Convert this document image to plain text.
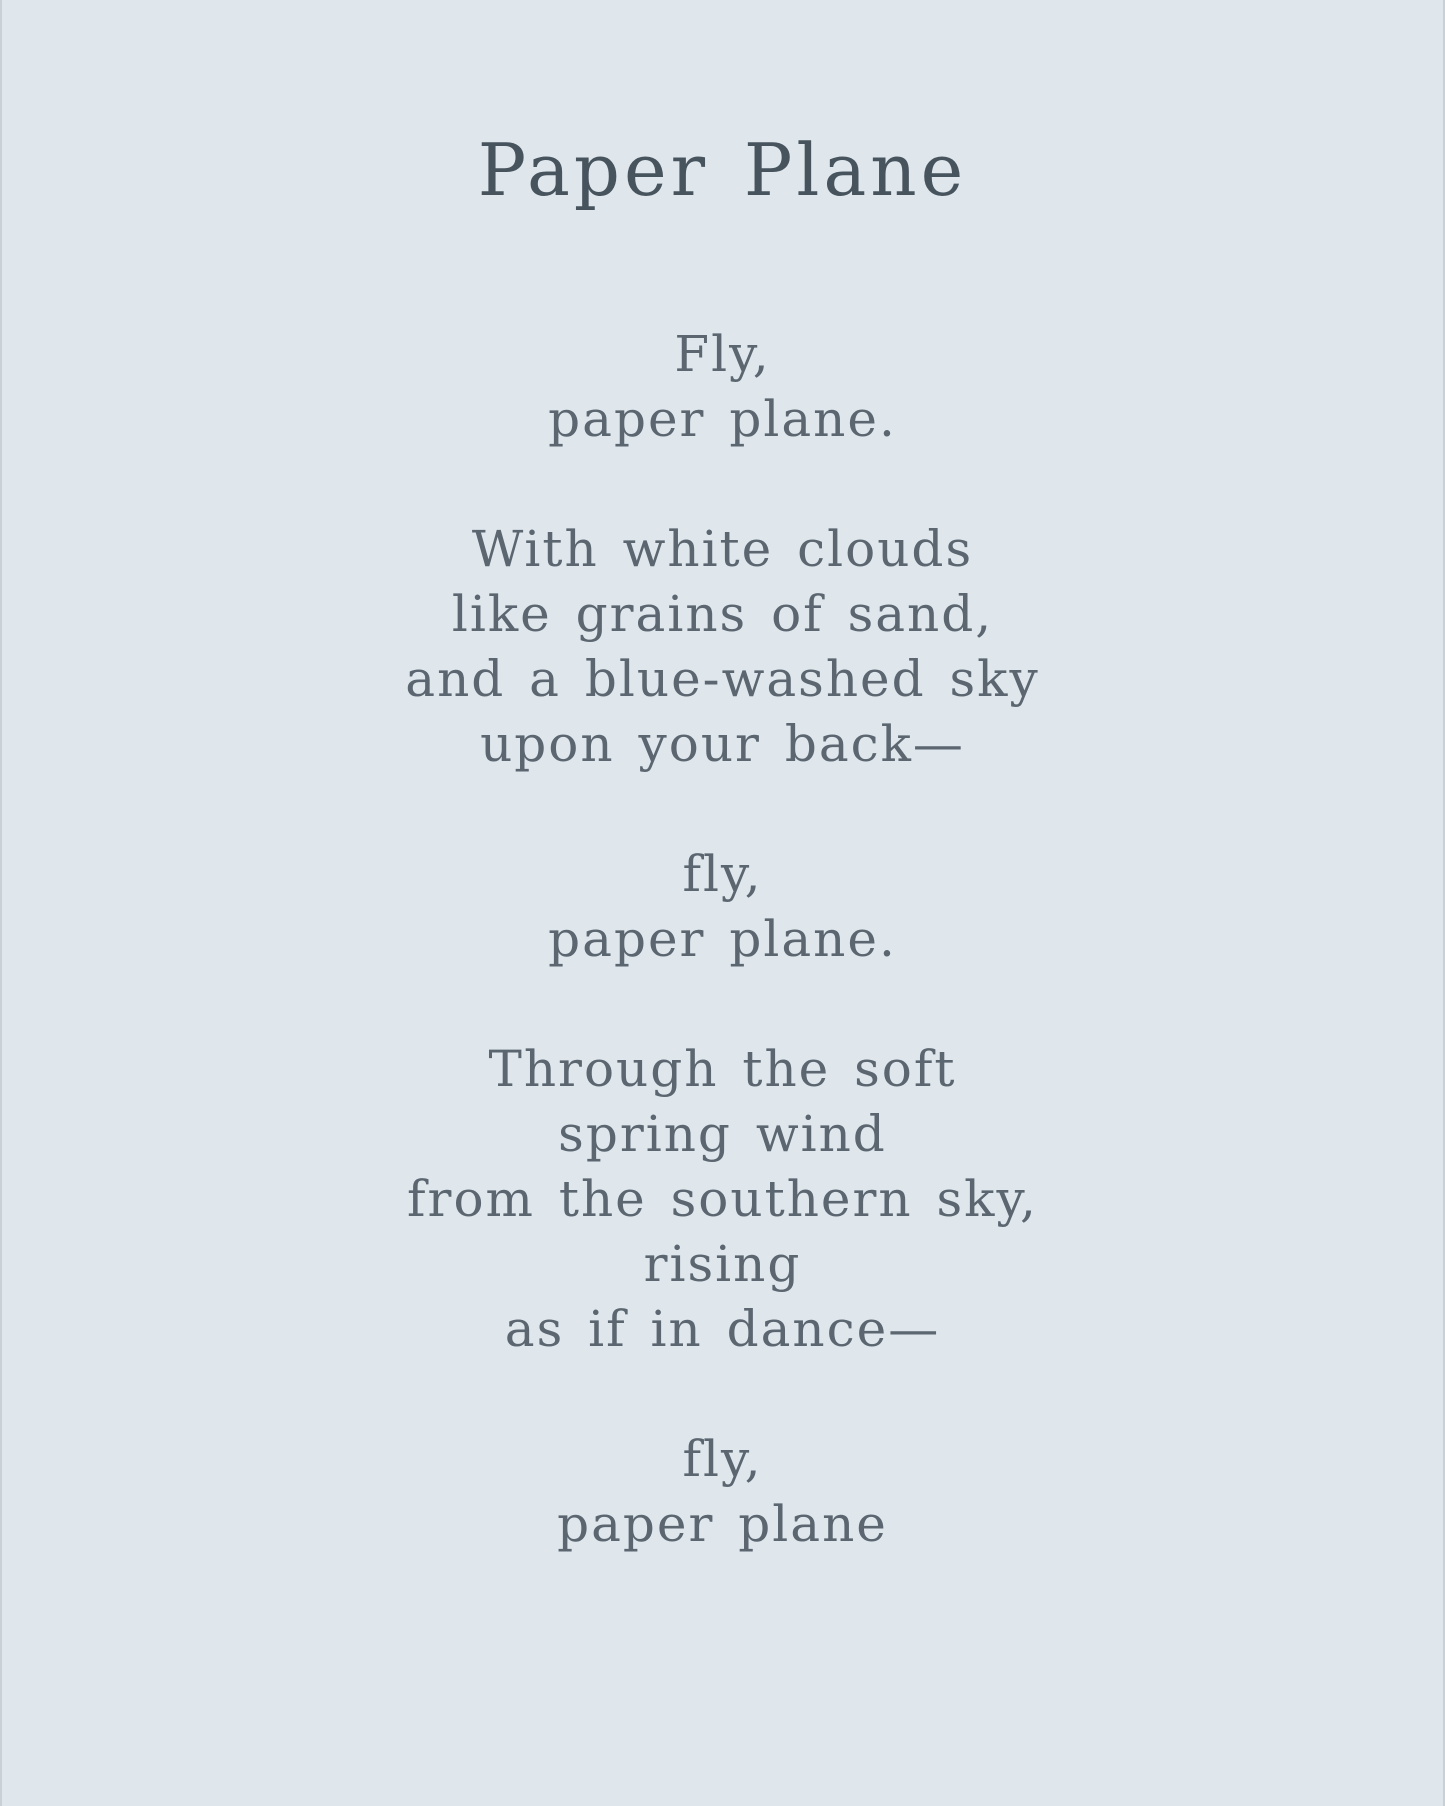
Paper Plane
Fly,
paper plane.
With white clouds
like grains of sand,
and a blue-washed sky
upon your back—
fly,
paper plane.
Through the soft
spring wind
from the southern sky,
rising
as if in dance—
fly,
paper plane
